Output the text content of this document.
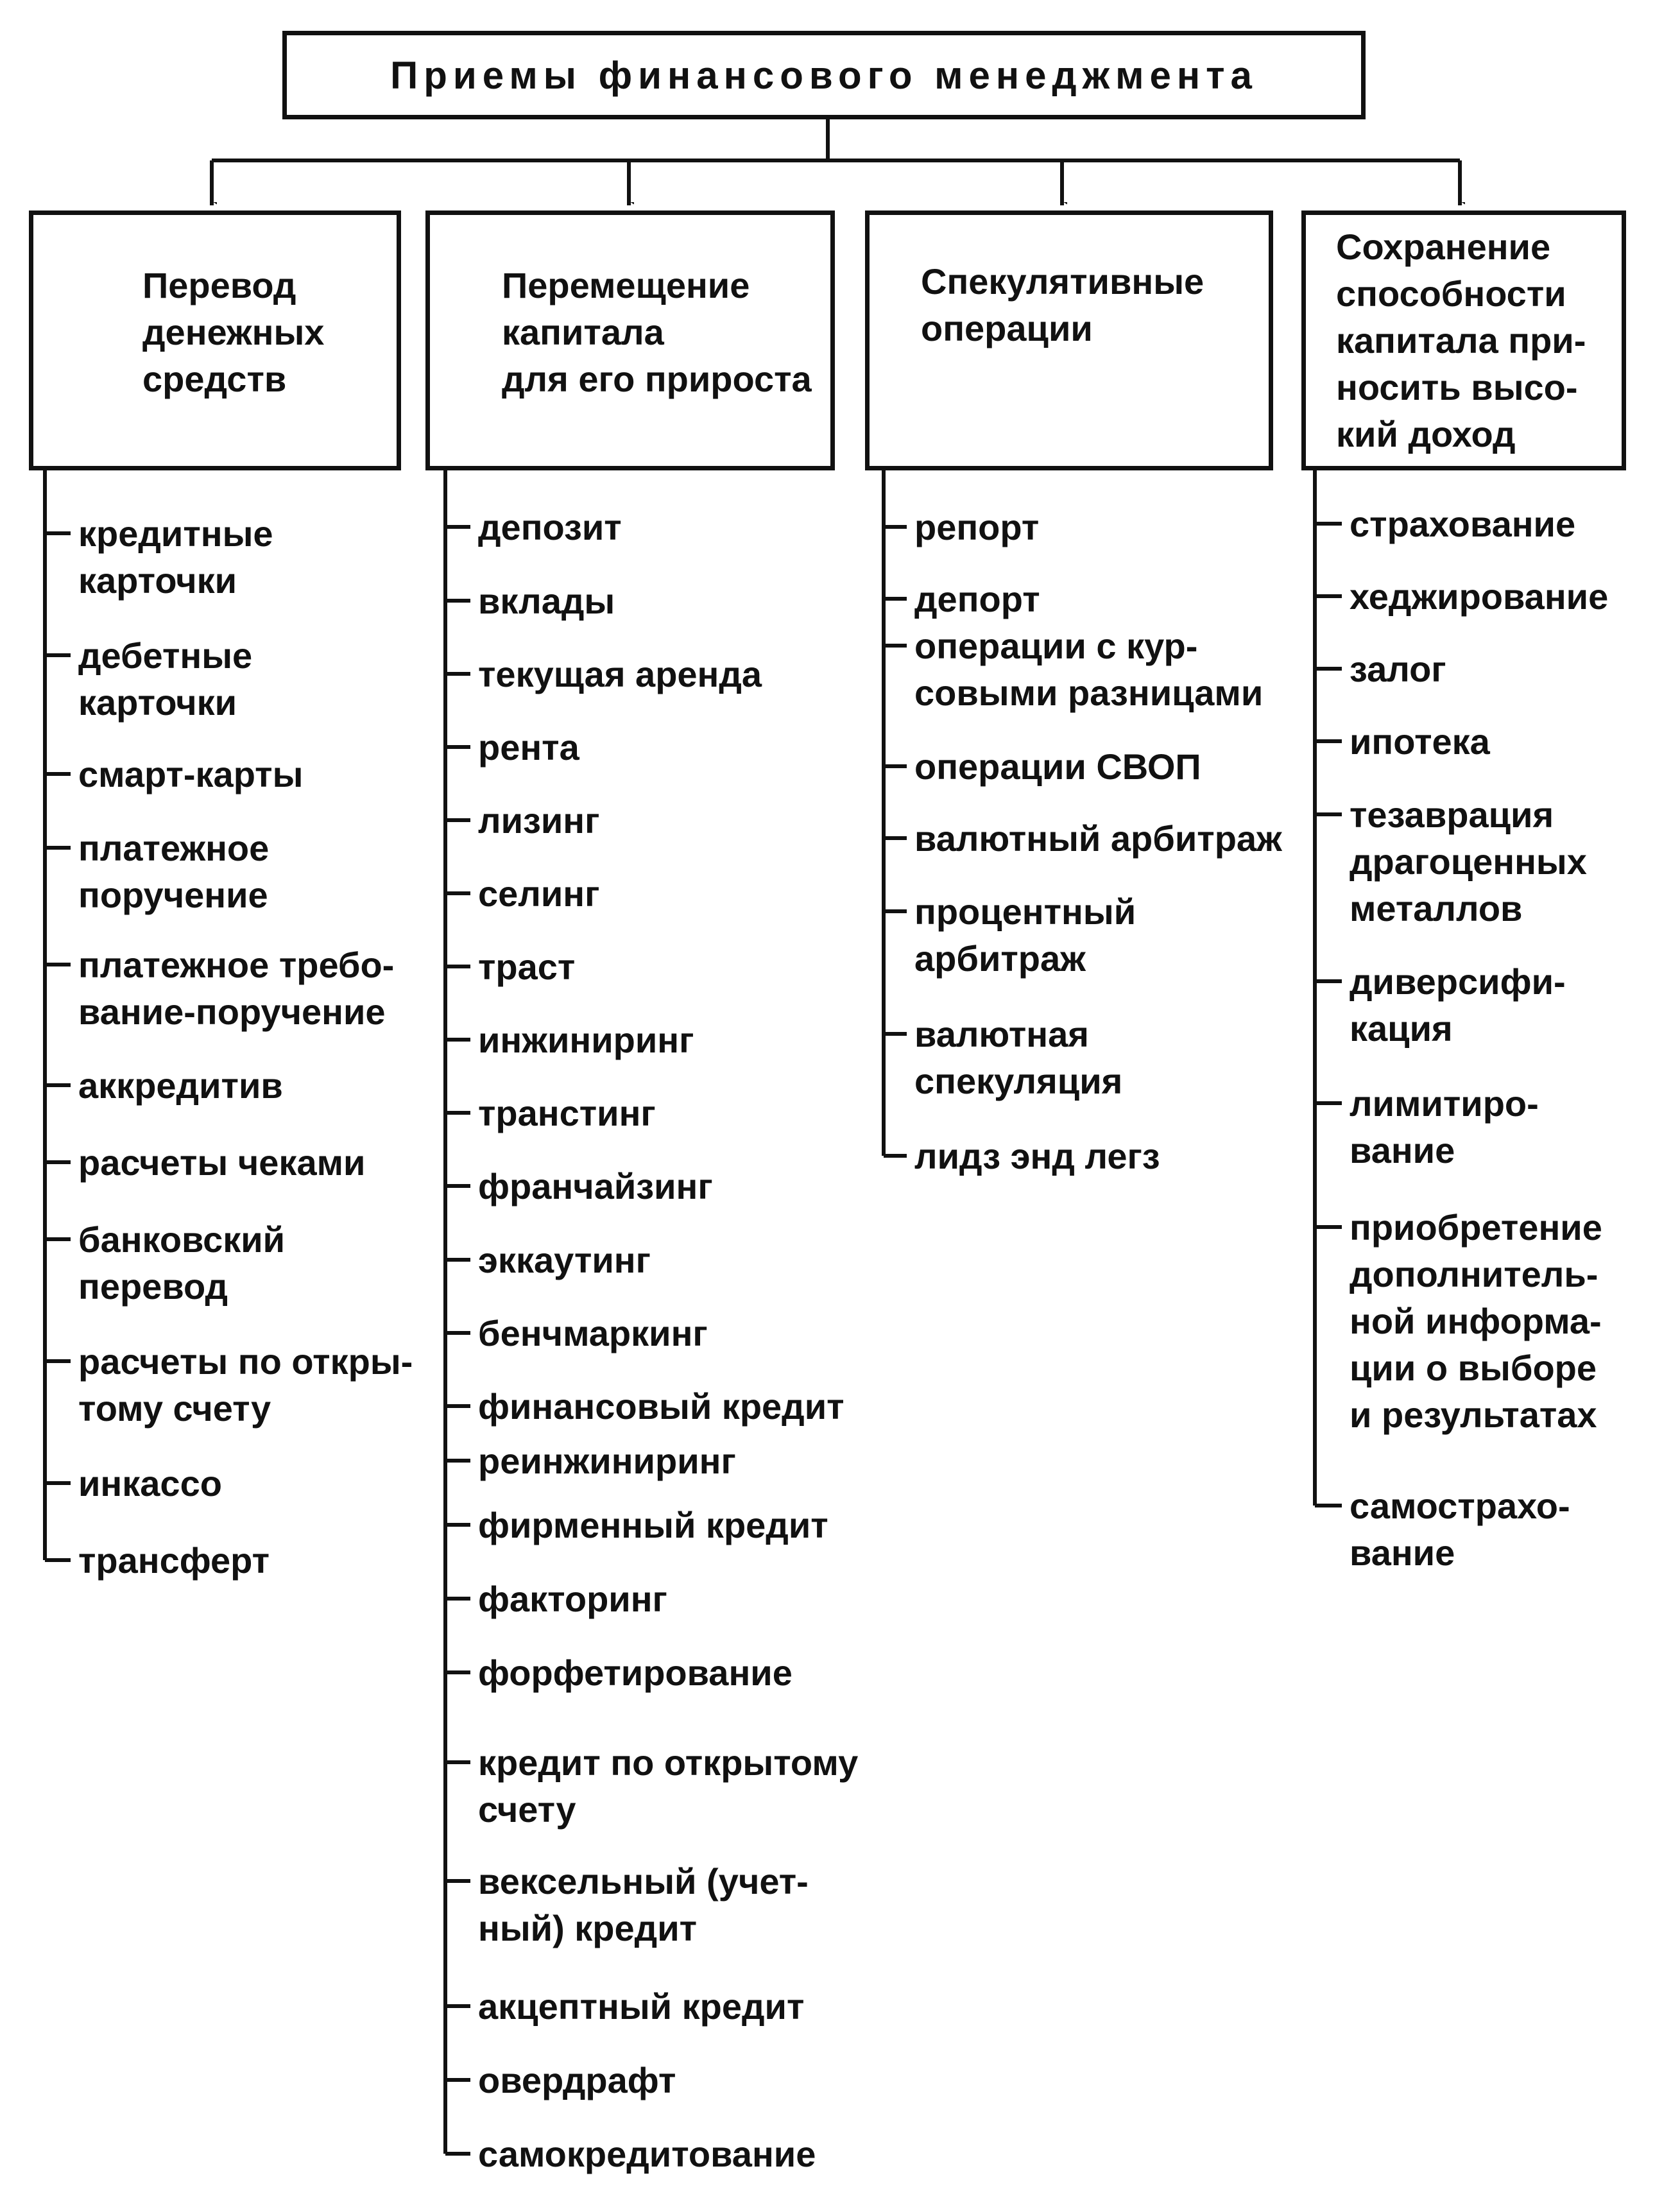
Приемы финансового менеджмента
Перевод
денежных
средств
Перемещение
капитала
для его прироста
Спекулятивные
операции
Сохранение
способности
капитала при-
носить высо-
кий доход
кредитные
карточки
дебетные
карточки
смарт-карты
платежное
поручение
платежное требо-
вание-поручение
аккредитив
расчеты чеками
банковский
перевод
расчеты по откры-
тому счету
инкассо
трансферт
депозит
вклады
текущая аренда
рента
лизинг
селинг
траст
инжиниринг
транстинг
франчайзинг
эккаутинг
бенчмаркинг
финансовый кредит
реинжиниринг
фирменный кредит
факторинг
форфетирование
кредит по открытому
счету
вексельный (учет-
ный) кредит
акцептный кредит
овердрафт
самокредитование
репорт
депорт
операции с кур-
совыми разницами
операции СВОП
валютный арбитраж
процентный
арбитраж
валютная
спекуляция
лидз энд легз
страхование
хеджирование
залог
ипотека
тезаврация
драгоценных
металлов
диверсифи-
кация
лимитиро-
вание
приобретение
дополнитель-
ной информа-
ции о выборе
и результатах
самострахо-
вание
